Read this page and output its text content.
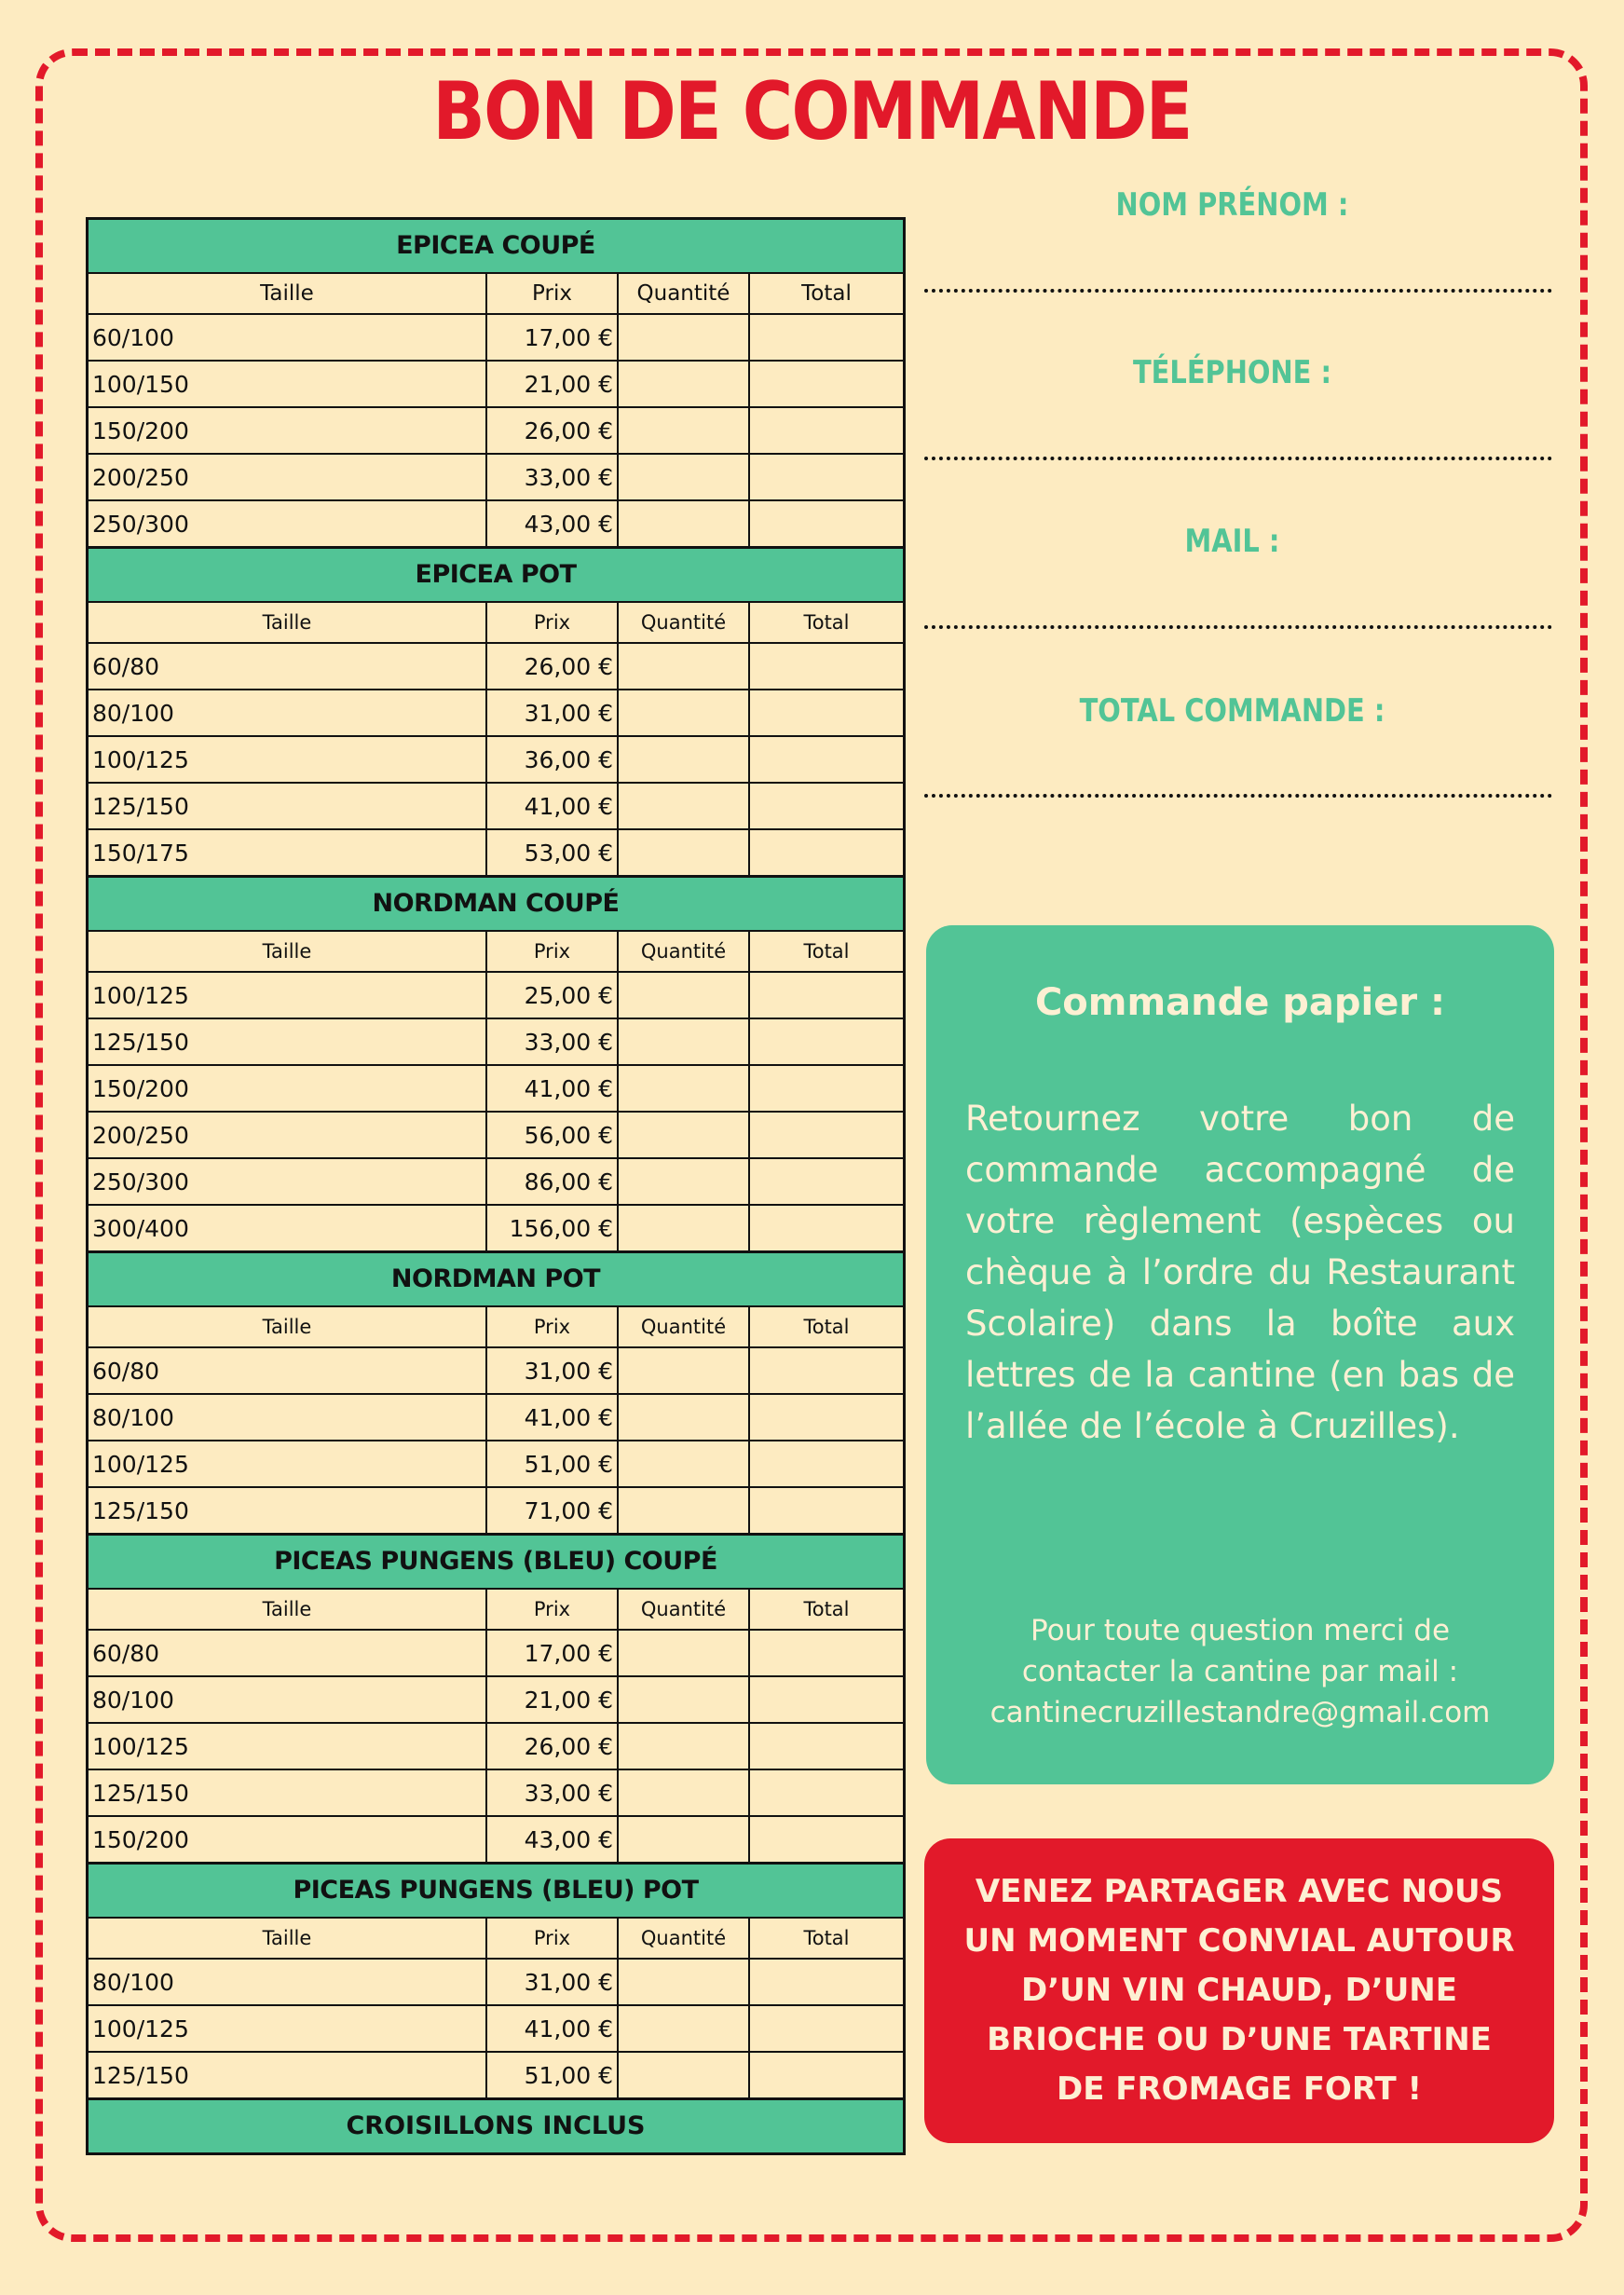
BON DE COMMANDE
EPICEA COUPÉ
Taille	Prix	Quantité	Total
60/100	17,00 €
100/150	21,00 €
150/200	26,00 €
200/250	33,00 €
250/300	43,00 €
EPICEA POT
Taille	Prix	Quantité	Total
60/80	26,00 €
80/100	31,00 €
100/125	36,00 €
125/150	41,00 €
150/175	53,00 €
NORDMAN COUPÉ
Taille	Prix	Quantité	Total
100/125	25,00 €
125/150	33,00 €
150/200	41,00 €
200/250	56,00 €
250/300	86,00 €
300/400	156,00 €
NORDMAN POT
Taille	Prix	Quantité	Total
60/80	31,00 €
80/100	41,00 €
100/125	51,00 €
125/150	71,00 €
PICEAS PUNGENS (BLEU) COUPÉ
Taille	Prix	Quantité	Total
60/80	17,00 €
80/100	21,00 €
100/125	26,00 €
125/150	33,00 €
150/200	43,00 €
PICEAS PUNGENS (BLEU) POT
Taille	Prix	Quantité	Total
80/100	31,00 €
100/125	41,00 €
125/150	51,00 €
CROISILLONS INCLUS
NOM PRÉNOM :
TÉLÉPHONE :
MAIL :
TOTAL COMMANDE :
Commande papier :
Retournez votre bon de commande accompagné de votre règlement (espèces ou chèque à l’ordre du Restaurant Scolaire) dans la boîte aux lettres de la cantine (en bas de l’allée de l’école à Cruzilles).
Pour toute question merci de
contacter la cantine par mail :
cantinecruzillestandre@gmail.com
VENEZ PARTAGER AVEC NOUS UN MOMENT CONVIAL AUTOUR D’UN VIN CHAUD, D’UNE BRIOCHE OU D’UNE TARTINE DE FROMAGE FORT !
